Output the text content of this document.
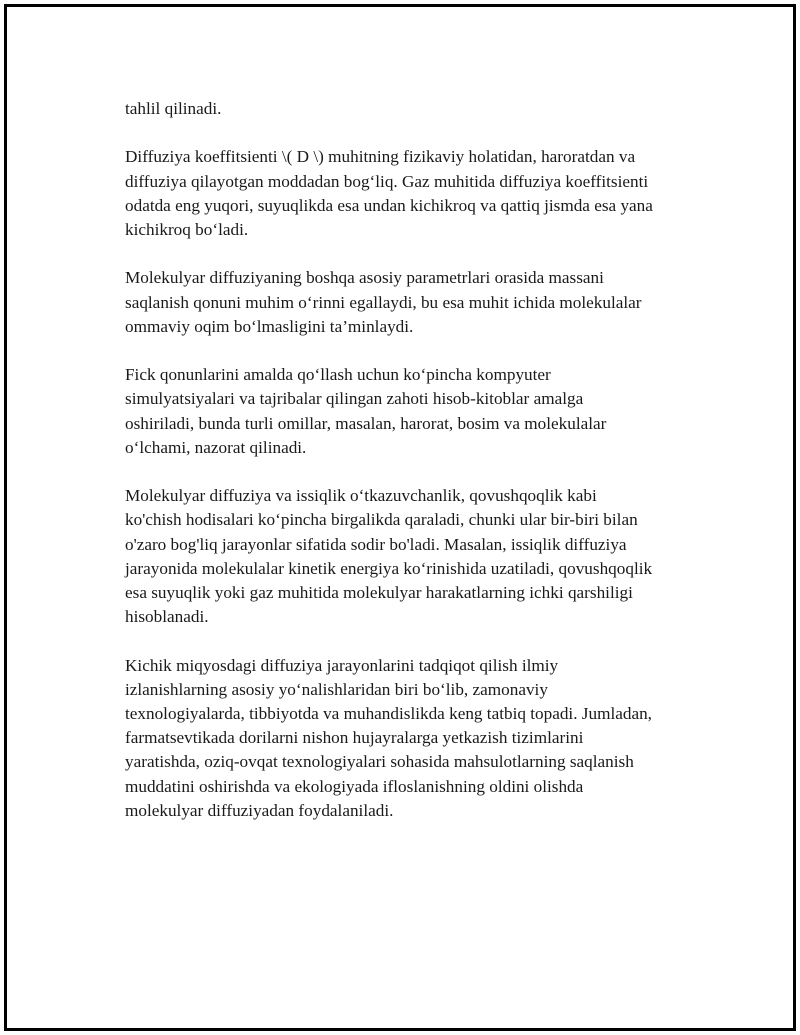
tahlil qilinadi.

Diffuziya koeffitsienti \( D \) muhitning fizikaviy holatidan, haroratdan va
diffuziya qilayotgan moddadan bog‘liq. Gaz muhitida diffuziya koeffitsienti
odatda eng yuqori, suyuqlikda esa undan kichikroq va qattiq jismda esa yana
kichikroq bo‘ladi.

Molekulyar diffuziyaning boshqa asosiy parametrlari orasida massani
saqlanish qonuni muhim o‘rinni egallaydi, bu esa muhit ichida molekulalar
ommaviy oqim bo‘lmasligini ta’minlaydi.

Fick qonunlarini amalda qo‘llash uchun ko‘pincha kompyuter
simulyatsiyalari va tajribalar qilingan zahoti hisob-kitoblar amalga
oshiriladi, bunda turli omillar, masalan, harorat, bosim va molekulalar
o‘lchami, nazorat qilinadi.

Molekulyar diffuziya va issiqlik o‘tkazuvchanlik, qovushqoqlik kabi
ko'chish hodisalari ko‘pincha birgalikda qaraladi, chunki ular bir-biri bilan
o'zaro bog'liq jarayonlar sifatida sodir bo'ladi. Masalan, issiqlik diffuziya
jarayonida molekulalar kinetik energiya ko‘rinishida uzatiladi, qovushqoqlik
esa suyuqlik yoki gaz muhitida molekulyar harakatlarning ichki qarshiligi
hisoblanadi.

Kichik miqyosdagi diffuziya jarayonlarini tadqiqot qilish ilmiy
izlanishlarning asosiy yo‘nalishlaridan biri bo‘lib, zamonaviy
texnologiyalarda, tibbiyotda va muhandislikda keng tatbiq topadi. Jumladan,
farmatsevtikada dorilarni nishon hujayralarga yetkazish tizimlarini
yaratishda, oziq-ovqat texnologiyalari sohasida mahsulotlarning saqlanish
muddatini oshirishda va ekologiyada ifloslanishning oldini olishda
molekulyar diffuziyadan foydalaniladi.
